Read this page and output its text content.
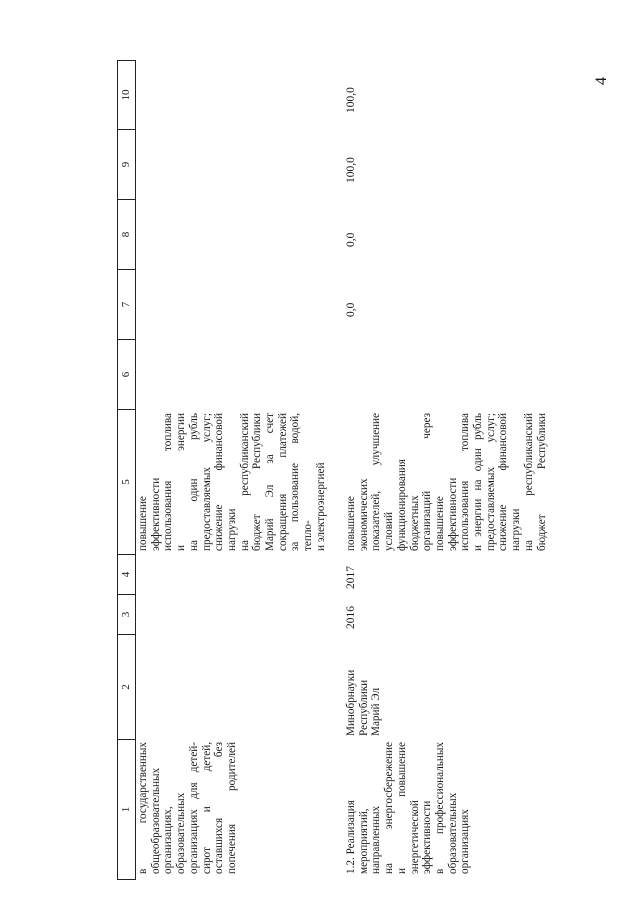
4
1
2
3
4
5
6
7
8
9
10
в государственных общеобразовательных организациях, образовательных организациях для детей- сирот и детей, оставшихся без попечения родителей
повышение эффективности использования топлива и энергии на один рубль предоставляемых услуг; снижение финансовой нагрузки на республиканский бюджет Республики Марий Эл за счет сокращения платежей за пользование водой, тепло- и электроэнергией
1.2. Реализация мероприятий, направленных на энергосбережение и повышение энергетической эффективности в профессиональных образовательных организациях
Минобрнауки Республики Марий Эл
2016
2017
повышение экономических показателей, улучшение условий функционирования бюджетных организаций через повышение эффективности использования топлива и энергии на один рубль предоставляемых услуг; снижение финансовой нагрузки на республиканский бюджет Республики
0,0
0,0
100,0
100,0
